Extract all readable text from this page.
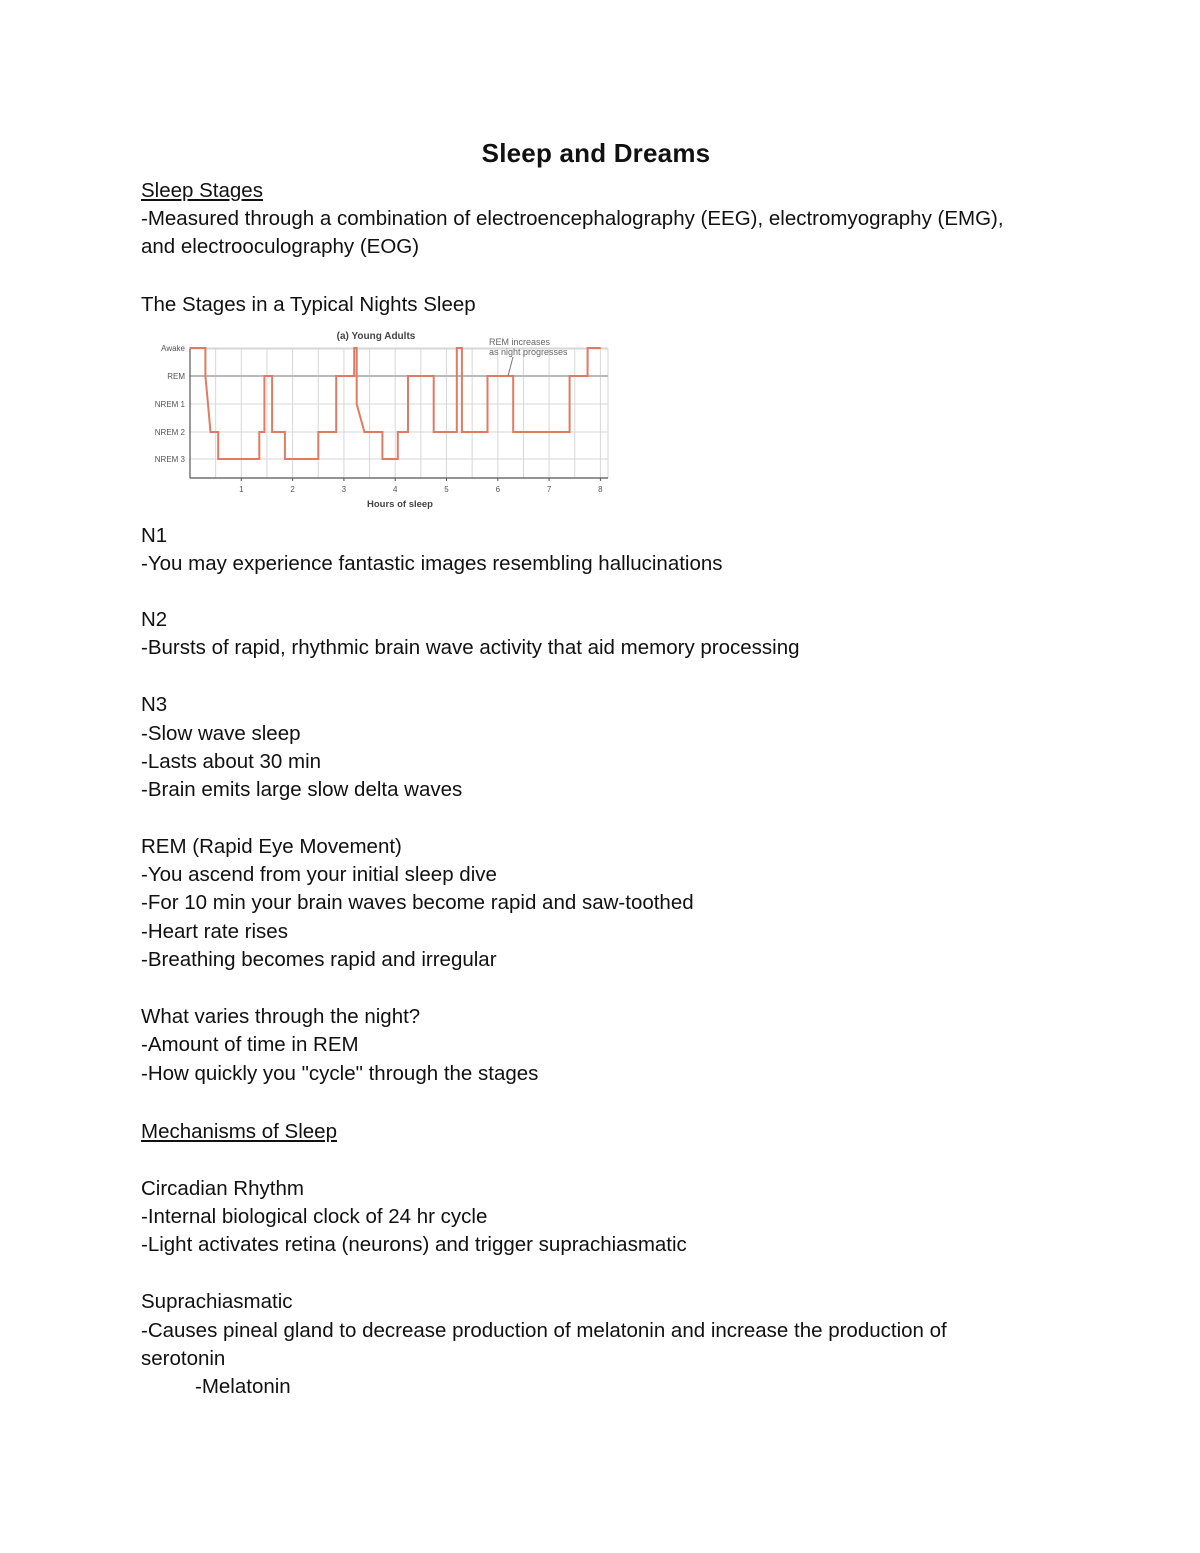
Sleep and Dreams
Sleep Stages
-Measured through a combination of electroencephalography (EEG), electromyography (EMG),
and electrooculography (EOG)
The Stages in a Typical Nights Sleep
Awake
REM
NREM 1
NREM 2
NREM 3
1	2	3	4	5	6	7	8
(a) Young Adults
Hours of sleep
REM increases
as night progresses
N1
-You may experience fantastic images resembling hallucinations
N2
-Bursts of rapid, rhythmic brain wave activity that aid memory processing
N3
-Slow wave sleep
-Lasts about 30 min
-Brain emits large slow delta waves
REM (Rapid Eye Movement)
-You ascend from your initial sleep dive
-For 10 min your brain waves become rapid and saw-toothed
-Heart rate rises
-Breathing becomes rapid and irregular
What varies through the night?
-Amount of time in REM
-How quickly you "cycle" through the stages
Mechanisms of Sleep
Circadian Rhythm
-Internal biological clock of 24 hr cycle
-Light activates retina (neurons) and trigger suprachiasmatic
Suprachiasmatic
-Causes pineal gland to decrease production of melatonin and increase the production of
serotonin
-Melatonin
